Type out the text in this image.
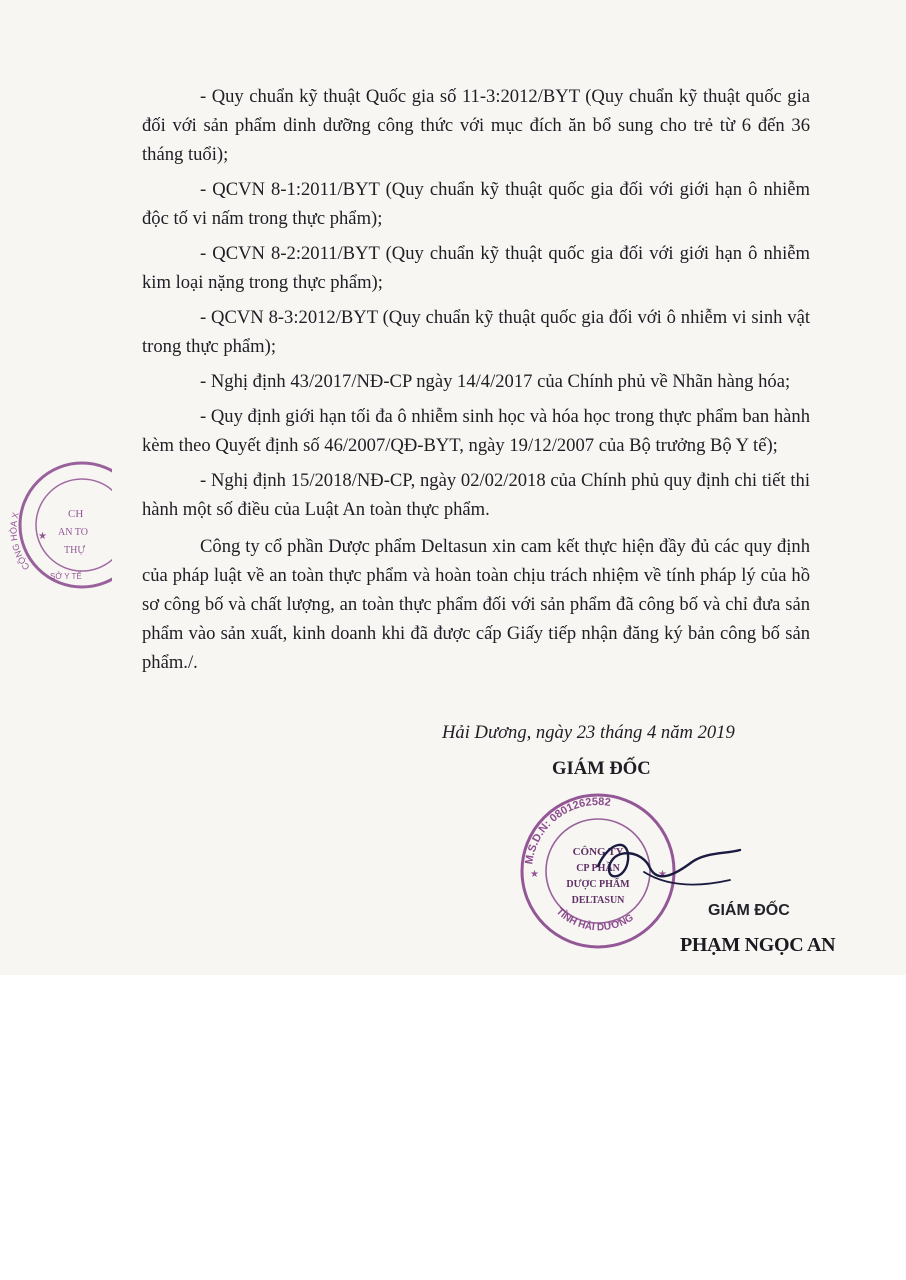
- Quy chuẩn kỹ thuật Quốc gia số 11-3:2012/BYT (Quy chuẩn kỹ thuật quốc gia đối với sản phẩm dinh dưỡng công thức với mục đích ăn bổ sung cho trẻ từ 6 đến 36 tháng tuổi);

- QCVN 8-1:2011/BYT (Quy chuẩn kỹ thuật quốc gia đối với giới hạn ô nhiễm độc tố vi nấm trong thực phẩm);

- QCVN 8-2:2011/BYT (Quy chuẩn kỹ thuật quốc gia đối với giới hạn ô nhiễm kim loại nặng trong thực phẩm);

- QCVN 8-3:2012/BYT (Quy chuẩn kỹ thuật quốc gia đối với ô nhiễm vi sinh vật trong thực phẩm);

- Nghị định 43/2017/NĐ-CP ngày 14/4/2017 của Chính phủ về Nhãn hàng hóa;

- Quy định giới hạn tối đa ô nhiễm sinh học và hóa học trong thực phẩm ban hành kèm theo Quyết định số 46/2007/QĐ-BYT, ngày 19/12/2007 của Bộ trưởng Bộ Y tế);

- Nghị định 15/2018/NĐ-CP, ngày 02/02/2018 của Chính phủ quy định chi tiết thi hành một số điều của Luật An toàn thực phẩm.

Công ty cổ phần Dược phẩm Deltasun xin cam kết thực hiện đầy đủ các quy định của pháp luật về an toàn thực phẩm và hoàn toàn chịu trách nhiệm về tính pháp lý của hồ sơ công bố và chất lượng, an toàn thực phẩm đối với sản phẩm đã công bố và chỉ đưa sản phẩm vào sản xuất, kinh doanh khi đã được cấp Giấy tiếp nhận đăng ký bản công bố sản phẩm./.

CỘNG HÒA X	CH
AN TO
THỰ
SỞ Y TẾ
★
Hải Dương, ngày 23 tháng 4 năm 2019
GIÁM ĐỐC
M.S.D.N: 0801262582
TỈNH HẢI DƯƠNG
★	★
CÔNG TY
CP PHẦN
DƯỢC PHẨM
DELTASUN
GIÁM ĐỐC
PHẠM NGỌC AN
